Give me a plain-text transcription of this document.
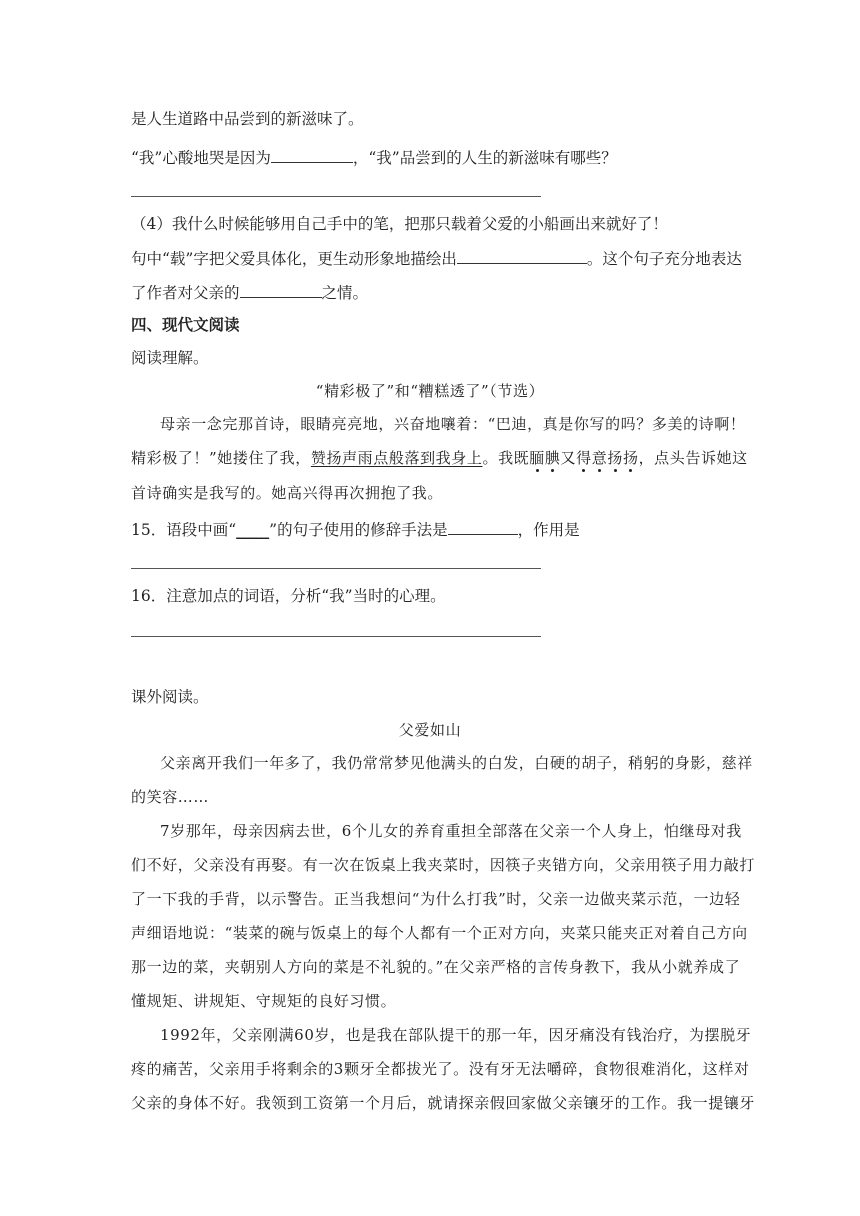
是人生道路中品尝到的新滋味了。
“我”心酸地哭是因为	，“我”品尝到的人生的新滋味有哪些？
（4）我什么时候能够用自己手中的笔，把那只载着父爱的小船画出来就好了！
句中“载”字把父爱具体化，更生动形象地描绘出	。这个句子充分地表达
了作者对父亲的	之情。
四、现代文阅读
阅读理解。
“精彩极了”和“糟糕透了”（节选）
母亲一念完那首诗，眼睛亮亮地，兴奋地嚷着：“巴迪，真是你写的吗？多美的诗啊！
精彩极了！”她搂住了我，赞扬声雨点般落到我身上。我既腼腆又得意扬扬，点头告诉她这
首诗确实是我写的。她高兴得再次拥抱了我。
15．语段中画“______”的句子使用的修辞手法是	，作用是
16．注意加点的词语，分析“我”当时的心理。
课外阅读。
父爱如山
父亲离开我们一年多了，我仍常常梦见他满头的白发，白硬的胡子，稍躬的身影，慈祥
的笑容……
7岁那年，母亲因病去世，6个儿女的养育重担全部落在父亲一个人身上，怕继母对我
们不好，父亲没有再娶。有一次在饭桌上我夹菜时，因筷子夹错方向，父亲用筷子用力敲打
了一下我的手背，以示警告。正当我想问“为什么打我”时，父亲一边做夹菜示范，一边轻
声细语地说：“装菜的碗与饭桌上的每个人都有一个正对方向，夹菜只能夹正对着自己方向
那一边的菜，夹朝别人方向的菜是不礼貌的。”在父亲严格的言传身教下，我从小就养成了
懂规矩、讲规矩、守规矩的良好习惯。
1992年，父亲刚满60岁，也是我在部队提干的那一年，因牙痛没有钱治疗，为摆脱牙
疼的痛苦，父亲用手将剩余的3颗牙全都拔光了。没有牙无法嚼碎，食物很难消化，这样对
父亲的身体不好。我领到工资第一个月后，就请探亲假回家做父亲镶牙的工作。我一提镶牙
